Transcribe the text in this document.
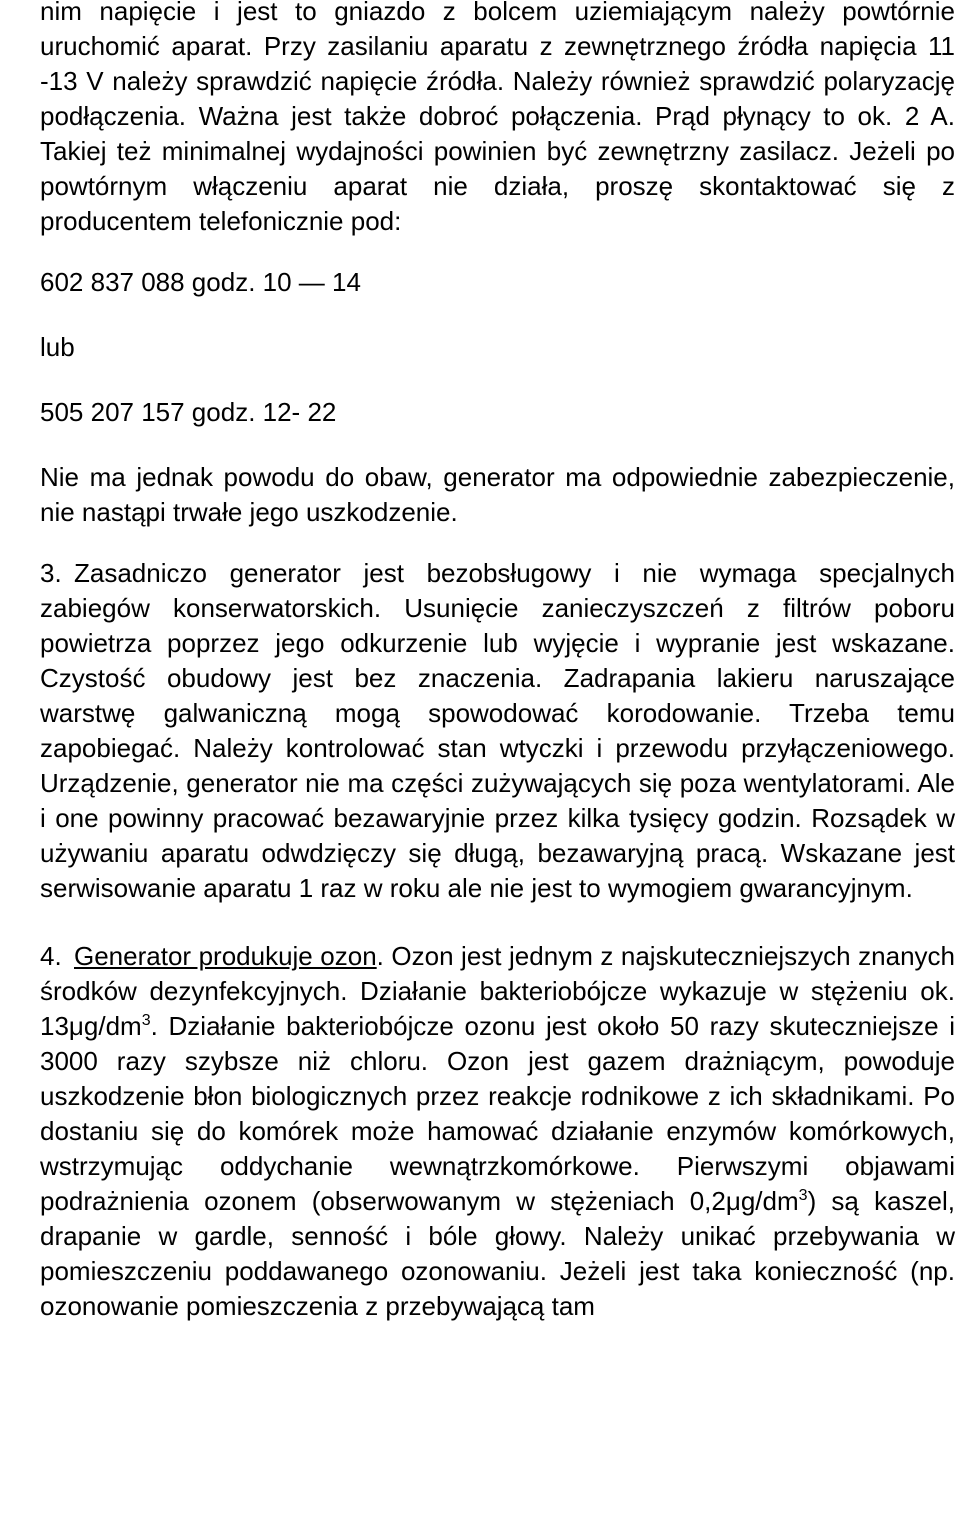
nim napięcie i jest to gniazdo z bolcem uziemiającym należy powtórnie uruchomić aparat. Przy zasilaniu aparatu z zewnętrznego źródła napięcia 11 -13 V należy sprawdzić napięcie źródła. Należy również sprawdzić polaryzację podłączenia. Ważna jest także dobroć połączenia. Prąd płynący to ok. 2 A. Takiej też minimalnej wydajności powinien być zewnętrzny zasilacz. Jeżeli po powtórnym włączeniu aparat nie działa, proszę skontaktować się z producentem telefonicznie pod:

602 837 088 godz. 10 — 14

lub

505 207 157 godz. 12- 22

Nie ma jednak powodu do obaw, generator ma odpowiednie zabezpieczenie, nie nastąpi trwałe jego uszkodzenie.

3. Zasadniczo generator jest bezobsługowy i nie wymaga specjalnych zabiegów konserwatorskich. Usunięcie zanieczyszczeń z filtrów poboru powietrza poprzez jego odkurzenie lub wyjęcie i wypranie jest wskazane. Czystość obudowy jest bez znaczenia. Zadrapania lakieru naruszające warstwę galwaniczną mogą spowodować korodowanie. Trzeba temu zapobiegać. Należy kontrolować stan wtyczki i przewodu przyłączeniowego. Urządzenie, generator nie ma części zużywających się poza wentylatorami. Ale i one powinny pracować bezawaryjnie przez kilka tysięcy godzin. Rozsądek w używaniu aparatu odwdzięczy się długą, bezawaryjną pracą. Wskazane jest serwisowanie aparatu 1 raz w roku ale nie jest to wymogiem gwarancyjnym.

4. Generator produkuje ozon. Ozon jest jednym z najskuteczniejszych znanych środków dezynfekcyjnych. Działanie bakteriobójcze wykazuje w stężeniu ok. $13\mu g/dm^3$. Działanie bakteriobójcze ozonu jest około 50 razy skuteczniejsze i 3000 razy szybsze niż chloru. Ozon jest gazem drażniącym, powoduje uszkodzenie błon biologicznych przez reakcje rodnikowe z ich składnikami. Po dostaniu się do komórek może hamować działanie enzymów komórkowych, wstrzymując oddychanie wewnątrzkomórkowe. Pierwszymi objawami podrażnienia ozonem (obserwowanym w stężeniach $0,2\mu g/dm^3$) są kaszel, drapanie w gardle, senność i bóle głowy. Należy unikać przebywania w pomieszczeniu poddawanego ozonowaniu. Jeżeli jest taka konieczność (np. ozonowanie pomieszczenia z przebywającą tam
